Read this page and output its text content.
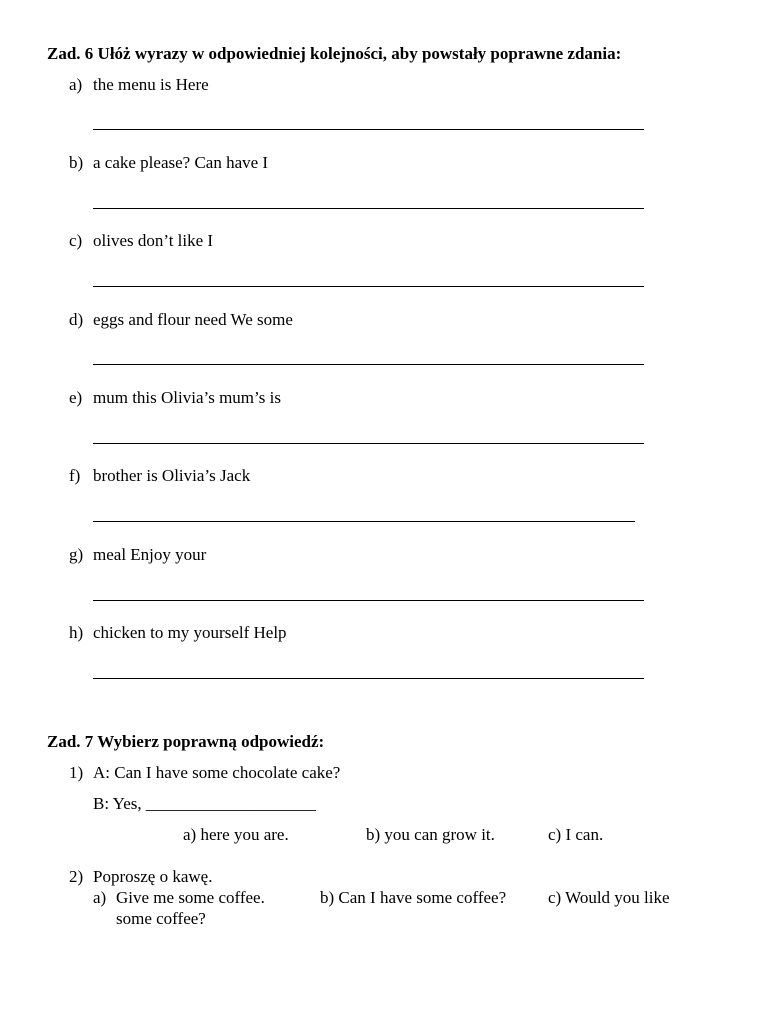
Zad. 6 Ułóż wyrazy w odpowiedniej kolejności, aby powstały poprawne zdania:
a) the menu is Here
b) a cake please? Can have I
c) olives don’t like I
d) eggs and flour need We some
e) mum this Olivia’s mum’s is
f) brother is Olivia’s Jack
g) meal Enjoy your
h) chicken to my yourself Help
Zad. 7 Wybierz poprawną odpowiedź:
1) A: Can I have some chocolate cake?
B: Yes, ____________________
a) here you are.	b) you can grow it.	c) I can.
2) Poproszę o kawę.
a) Give me some coffee.
some coffee?
b) Can I have some coffee? c) Would you like
